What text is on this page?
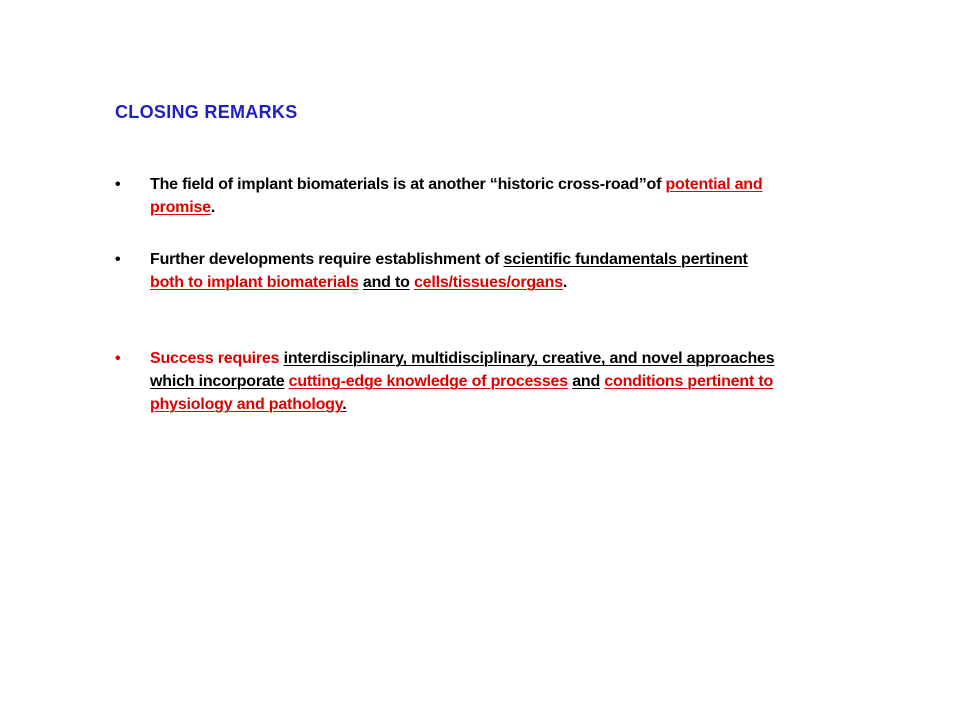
CLOSING REMARKS
• The field of implant biomaterials is at another “historic cross-road”of potential and promise.
• Further developments require establishment of scientific fundamentals pertinent both to implant biomaterials and to cells/tissues/organs.
• Success requires interdisciplinary, multidisciplinary, creative, and novel approaches which incorporate cutting-edge knowledge of processes and conditions pertinent to physiology and pathology.
